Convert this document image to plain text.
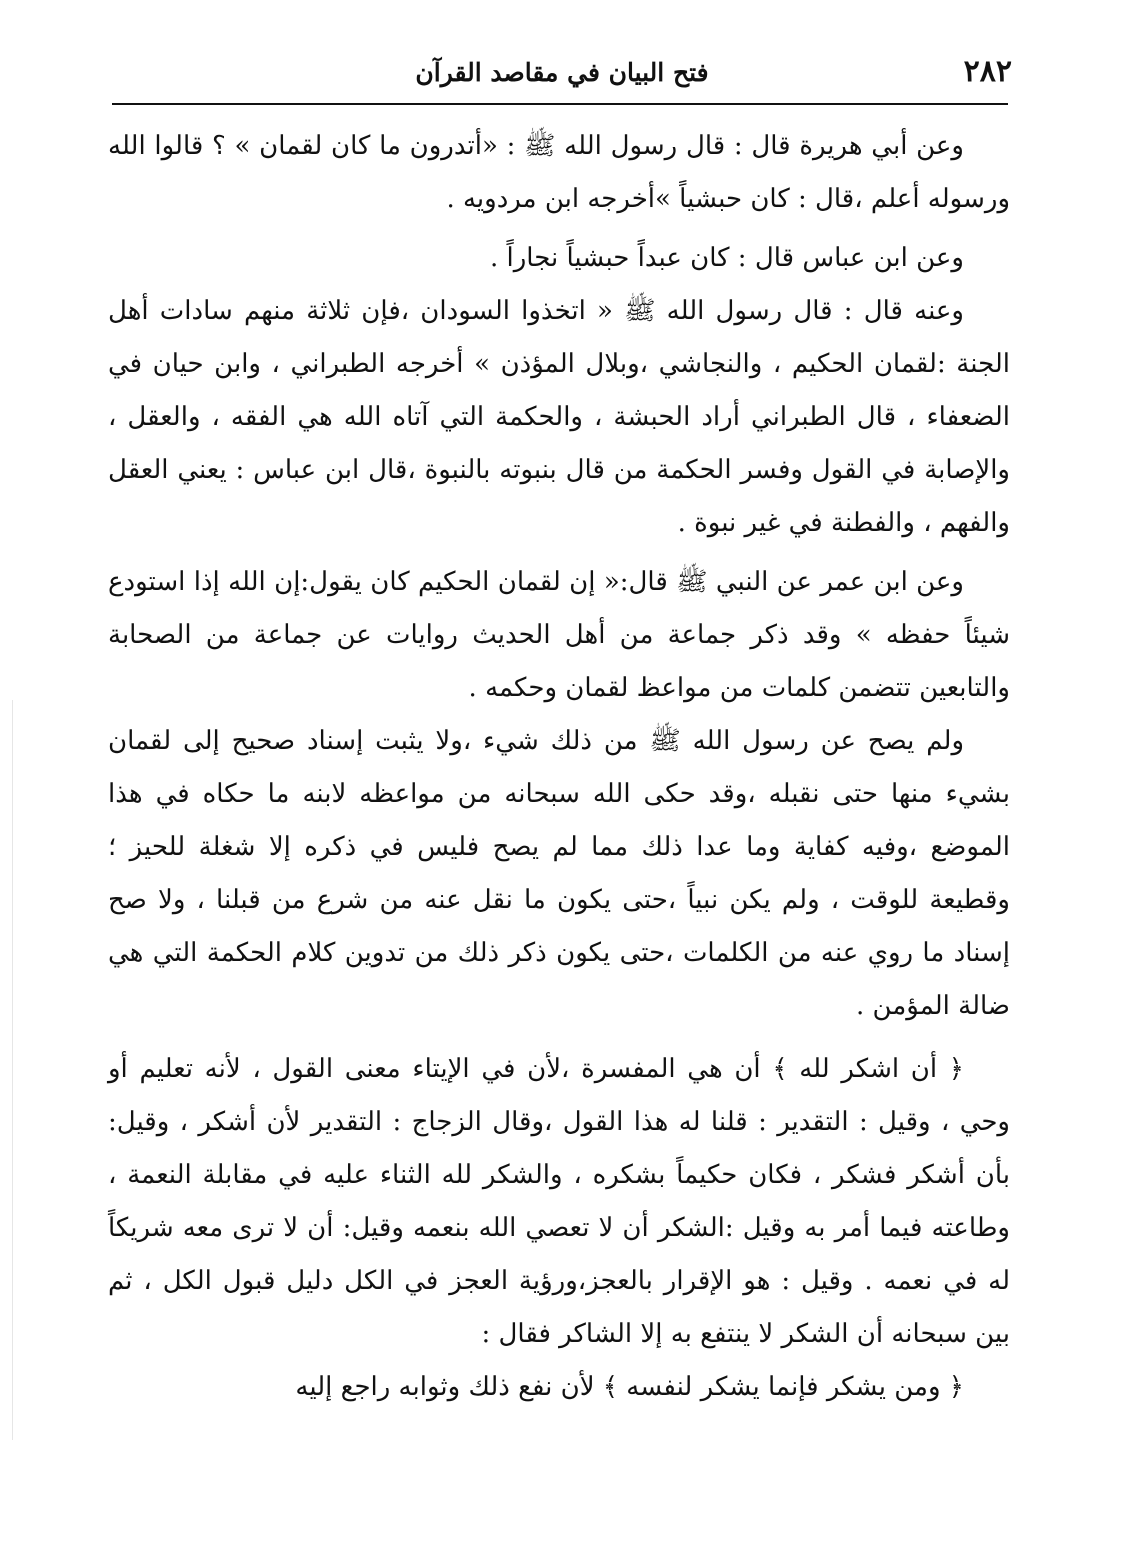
٢٨٢
فتح البيان في مقاصد القرآن

وعن أبي هريرة قال : قال رسول الله ﷺ : «أتدرون ما كان لقمان » ؟ قالوا الله ورسوله أعلم ،قال : كان حبشياً »أخرجه ابن مردويه .

وعن ابن عباس قال : كان عبداً حبشياً نجاراً .

وعنه قال : قال رسول الله ﷺ « اتخذوا السودان ،فإن ثلاثة منهم سادات أهل الجنة :لقمان الحكيم ، والنجاشي ،وبلال المؤذن » أخرجه الطبراني ، وابن حيان في الضعفاء ، قال الطبراني أراد الحبشة ، والحكمة التي آتاه الله هي الفقه ، والعقل ، والإصابة في القول وفسر الحكمة من قال بنبوته بالنبوة ،قال ابن عباس : يعني العقل والفهم ، والفطنة في غير نبوة .

وعن ابن عمر عن النبي ﷺ قال:« إن لقمان الحكيم كان يقول:إن الله إذا استودع شيئاً حفظه » وقد ذكر جماعة من أهل الحديث روايات عن جماعة من الصحابة والتابعين تتضمن كلمات من مواعظ لقمان وحكمه .

ولم يصح عن رسول الله ﷺ من ذلك شيء ،ولا يثبت إسناد صحيح إلى لقمان بشيء منها حتى نقبله ،وقد حكى الله سبحانه من مواعظه لابنه ما حكاه في هذا الموضع ،وفيه كفاية وما عدا ذلك مما لم يصح فليس في ذكره إلا شغلة للحيز ؛ وقطيعة للوقت ، ولم يكن نبياً ،حتى يكون ما نقل عنه من شرع من قبلنا ، ولا صح إسناد ما روي عنه من الكلمات ،حتى يكون ذكر ذلك من تدوين كلام الحكمة التي هي ضالة المؤمن .

﴿ أن اشكر لله ﴾ أن هي المفسرة ،لأن في الإيتاء معنى القول ، لأنه تعليم أو وحي ، وقيل : التقدير : قلنا له هذا القول ،وقال الزجاج : التقدير لأن أشكر ، وقيل: بأن أشكر فشكر ، فكان حكيماً بشكره ، والشكر لله الثناء عليه في مقابلة النعمة ، وطاعته فيما أمر به وقيل :الشكر أن لا تعصي الله بنعمه وقيل: أن لا ترى معه شريكاً له في نعمه . وقيل : هو الإقرار بالعجز،ورؤية العجز في الكل دليل قبول الكل ، ثم بين سبحانه أن الشكر لا ينتفع به إلا الشاكر فقال :

﴿ ومن يشكر فإنما يشكر لنفسه ﴾ لأن نفع ذلك وثوابه راجع إليه
